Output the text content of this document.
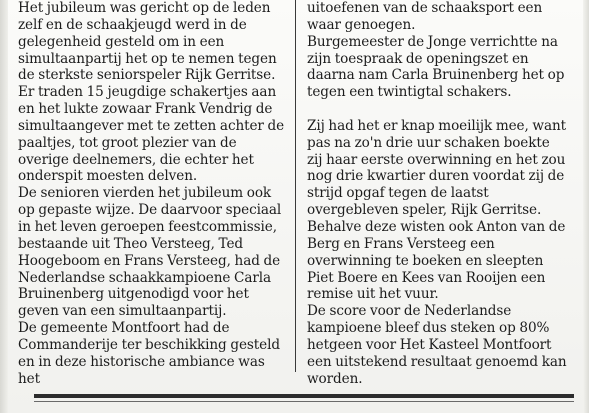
Het jubileum was gericht op de leden zelf en de schaakjeugd werd in de gelegenheid gesteld om in een simultaanpartij het op te nemen tegen de sterkste seniorspeler Rijk Gerritse.

Er traden 15 jeugdige schakertjes aan en het lukte zowaar Frank Vendrig de simultaangever met te zetten achter de paaltjes, tot groot plezier van de overige deelnemers, die echter het onderspit moesten delven.

De senioren vierden het jubileum ook op gepaste wijze. De daarvoor speciaal in het leven geroepen feestcommissie, bestaande uit Theo Versteeg, Ted Hoogeboom en Frans Versteeg, had de Nederlandse schaakkampioene Carla Bruinenberg uitgenodigd voor het geven van een simultaanpartij.

De gemeente Montfoort had de Commanderije ter beschikking gesteld en in deze historische ambiance was het

uitoefenen van de schaaksport een waar genoegen.

Burgemeester de Jonge verrichtte na zijn toespraak de openingszet en daarna nam Carla Bruinenberg het op tegen een twintigtal schakers.

Zij had het er knap moeilijk mee, want pas na zo'n drie uur schaken boekte zij haar eerste overwinning en het zou nog drie kwartier duren voordat zij de strijd opgaf tegen de laatst overgebleven speler, Rijk Gerritse.

Behalve deze wisten ook Anton van de Berg en Frans Versteeg een overwinning te boeken en sleepten Piet Boere en Kees van Rooijen een remise uit het vuur.

De score voor de Nederlandse kampioene bleef dus steken op 80% hetgeen voor Het Kasteel Montfoort een uitstekend resultaat genoemd kan worden.
